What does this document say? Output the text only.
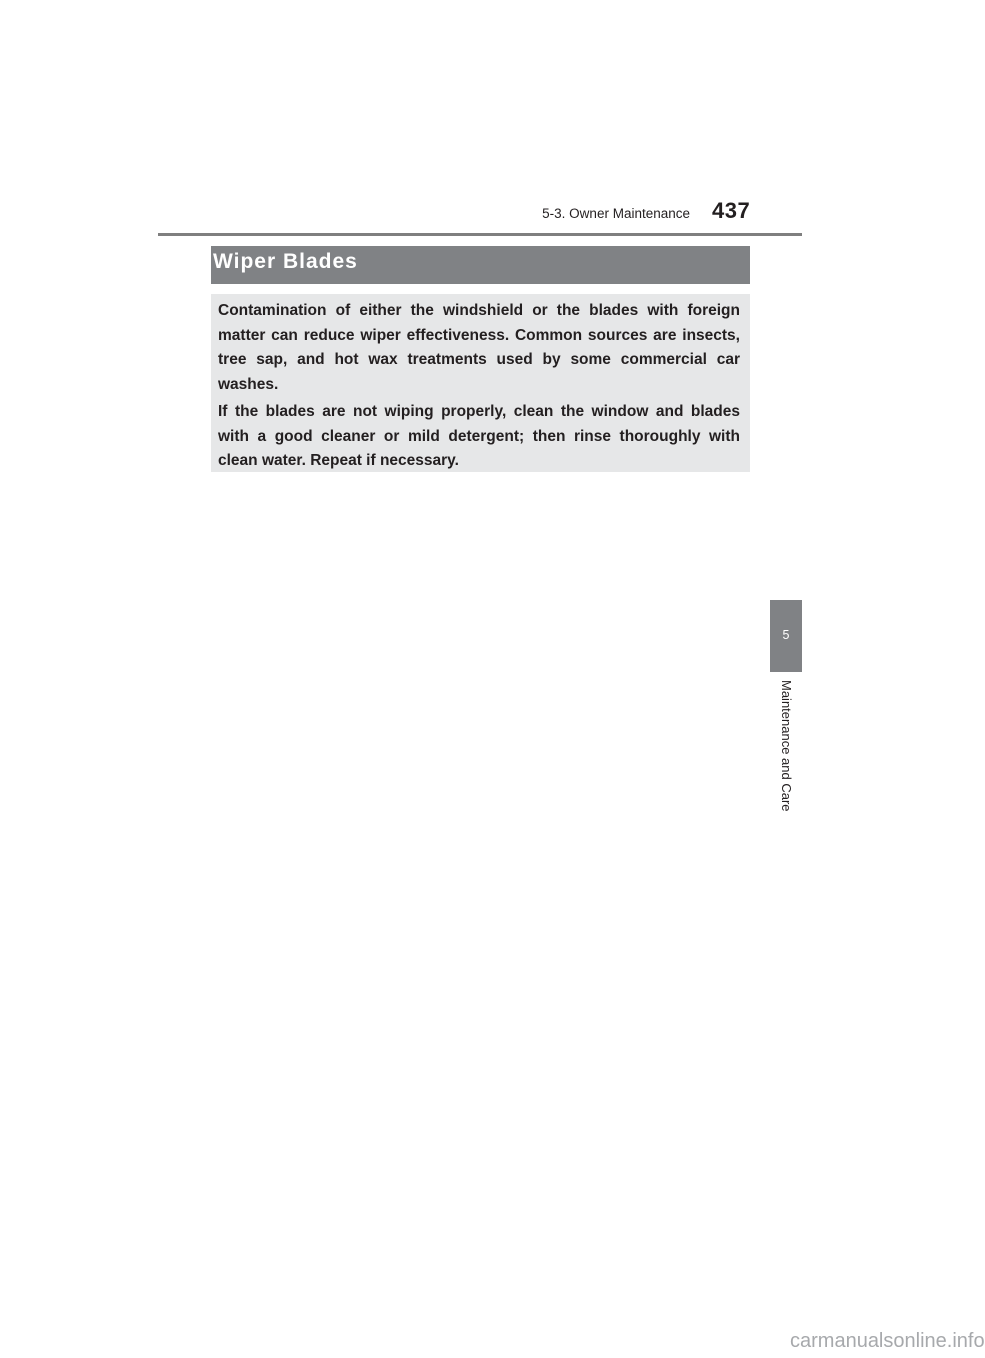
5-3. Owner Maintenance 437
Wiper Blades

Contamination of either the windshield or the blades with foreign matter can reduce wiper effectiveness. Common sources are insects, tree sap, and hot wax treatments used by some commercial car washes.

If the blades are not wiping properly, clean the window and blades with a good cleaner or mild detergent; then rinse thoroughly with clean water. Repeat if necessary.

5
Maintenance and Care
carmanualsonline.info
